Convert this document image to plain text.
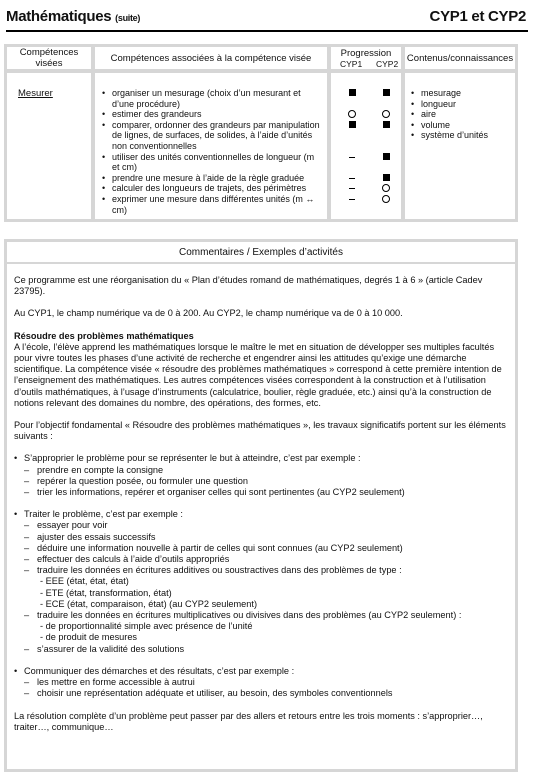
Mathématiques (suite)	CYP1 et CYP2
Compétences visées	Compétences associées à la compétence visée	Progression
CYP1 CYP2
Contenus/connaissances
Mesurer
•	organiser un mesurage (choix d’un mesurant et d’une procédure)
• estimer des grandeurs
• comparer, ordonner des grandeurs par manipulation de lignes, de surfaces, de solides, à l’aide d’unités non conventionnelles
• utiliser des unités conventionnelles de longueur (m et cm)
• prendre une mesure à l’aide de la règle graduée
• calculer des longueurs de trajets, des périmètres
• exprimer une mesure dans différentes unités (m ↔ cm)
• mesurage
• longueur
• aire
• volume
• système d’unités
Commentaires / Exemples d’activités

Ce programme est une réorganisation du « Plan d’études romand de mathématiques, degrés 1 à 6 » (article Cadev 23795).

Au CYP1, le champ numérique va de 0 à 200. Au CYP2, le champ numérique va de 0 à 10 000.

Résoudre des problèmes mathématiques

A l’école, l’élève apprend les mathématiques lorsque le maître le met en situation de développer ses multiples facultés pour vivre toutes les phases d’une activité de recherche et engendrer ainsi les attitudes qu’exige une démarche scientifique. La compétence visée « résoudre des problèmes mathématiques » correspond à cette première intention de l’enseignement des mathématiques. Les autres compétences visées correspondent à la construction et à l’utilisation d’outils mathématiques, à l’usage d’instruments (calculatrice, boulier, règle graduée, etc.) ainsi qu’à la construction de notions relevant des domaines du nombre, des opérations, des formes, etc.

Pour l’objectif fondamental « Résoudre des problèmes mathématiques », les travaux significatifs portent sur les éléments suivants :

• S’approprier le problème pour se représenter le but à atteindre, c’est par exemple :

– prendre en compte la consigne

– repérer la question posée, ou formuler une question

– trier les informations, repérer et organiser celles qui sont pertinentes (au CYP2 seulement)

• Traiter le problème, c’est par exemple :

– essayer pour voir

– ajuster des essais successifs

– déduire une information nouvelle à partir de celles qui sont connues (au CYP2 seulement)

– effectuer des calculs à l’aide d’outils appropriés

– traduire les données en écritures additives ou soustractives dans des problèmes de type :

- EEE (état, état, état)

- ETE (état, transformation, état)

- ECE (état, comparaison, état) (au CYP2 seulement)

– traduire les données en écritures multiplicatives ou divisives dans des problèmes (au CYP2 seulement) :

- de proportionnalité simple avec présence de l’unité

- de produit de mesures

– s’assurer de la validité des solutions

• Communiquer des démarches et des résultats, c’est par exemple :

– les mettre en forme accessible à autrui

– choisir une représentation adéquate et utiliser, au besoin, des symboles conventionnels

La résolution complète d’un problème peut passer par des allers et retours entre les trois moments : s’approprier…, traiter…, communique…
